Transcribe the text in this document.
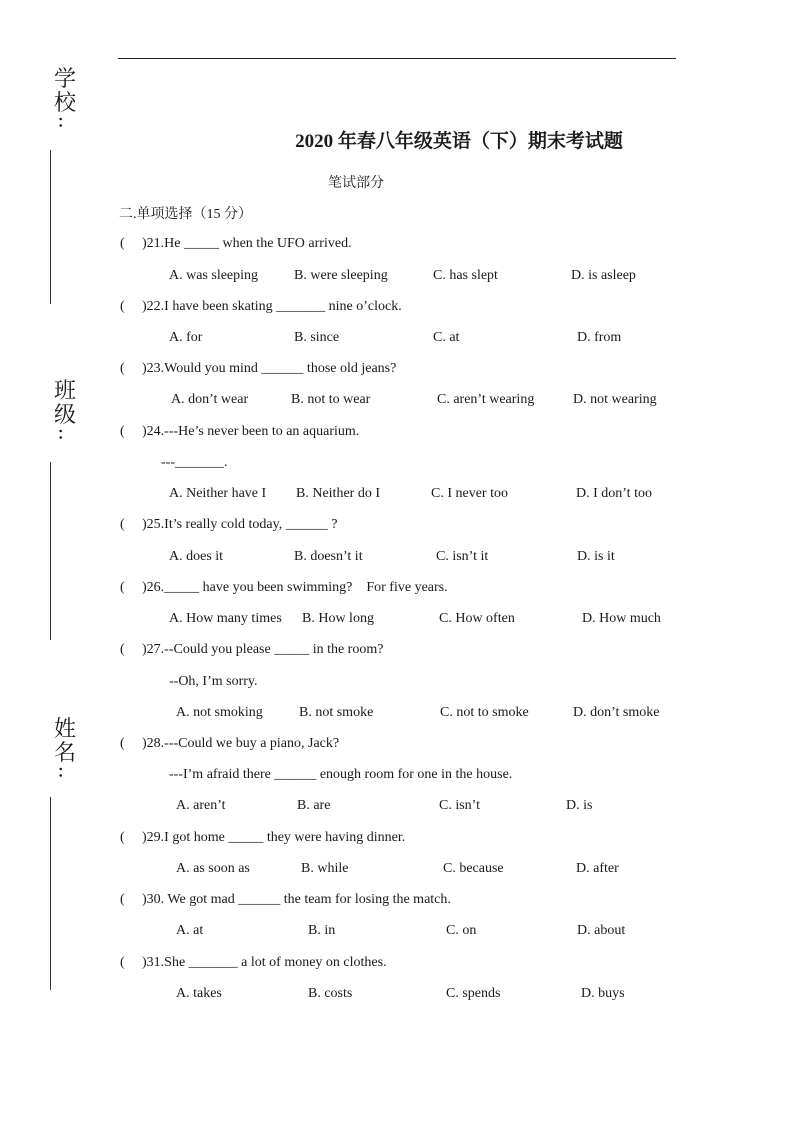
学
校
：
班
级
：
姓
名
：
2020 年春八年级英语（下）期末考试题
笔试部分
二.单项选择（15 分）
( )21.He _____ when the UFO arrived.
A. was sleeping	B. were sleeping	C. has slept	D. is asleep
( )22.I have been skating _______ nine o’clock.
A. for	B. since	C. at	D. from
( )23.Would you mind ______ those old jeans?
A. don’t wear	B. not to wear	C. aren’t wearing	D. not wearing
( )24.---He’s never been to an aquarium.
---_______.
A. Neither have I B. Neither do I	C. I never too	D. I don’t too
( )25.It’s really cold today, ______ ?
A. does it	B. doesn’t it	C. isn’t it	D. is it
( )26._____ have you been swimming?    For five years.
A. How many times B. How long	C. How often	D. How much
( )27.--Could you please _____ in the room?
--Oh, I’m sorry.
A. not smoking	B. not smoke	C. not to smoke	D. don’t smoke
( )28.---Could we buy a piano, Jack?
---I’m afraid there ______ enough room for one in the house.
A. aren’t	B. are	C. isn’t	D. is
( )29.I got home _____ they were having dinner.
A. as soon as	B. while	C. because	D. after
( )30. We got mad ______ the team for losing the match.
A. at	B. in	C. on	D. about
( )31.She _______ a lot of money on clothes.
A. takes	B. costs	C. spends	D. buys
